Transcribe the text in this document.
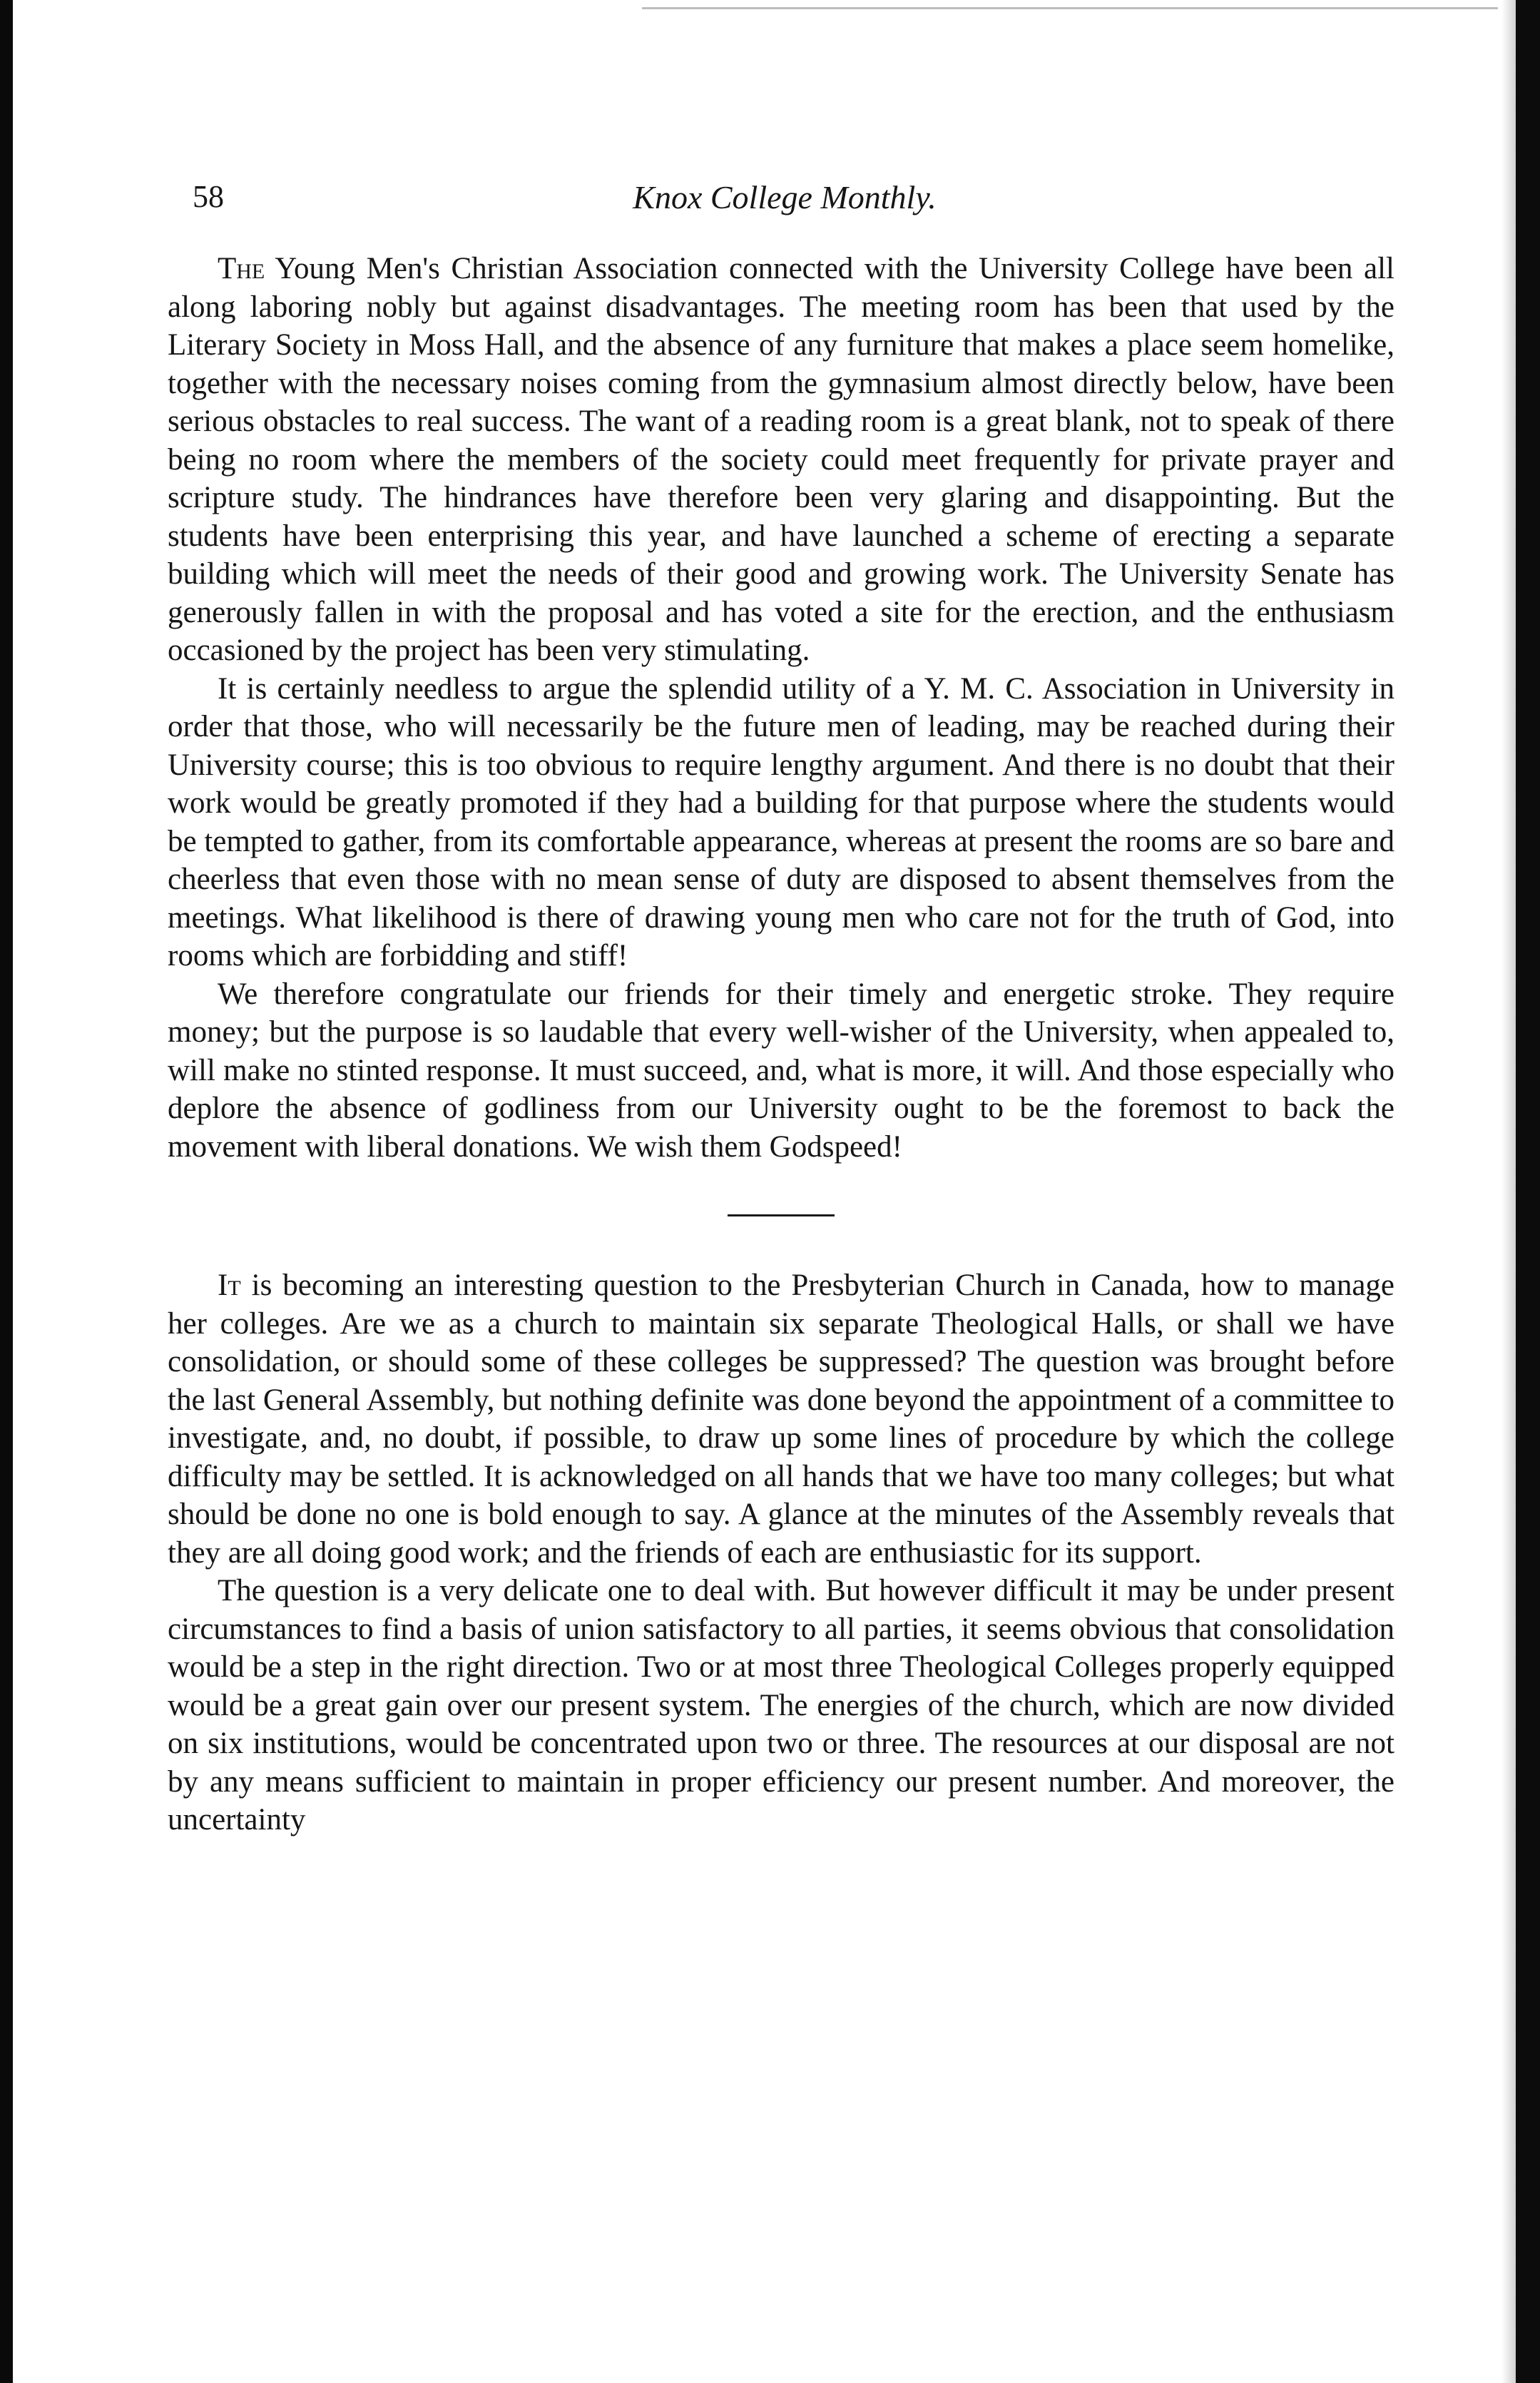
58	Knox College Monthly.

The Young Men's Christian Association connected with the University College have been all along laboring nobly but against disadvantages. The meeting room has been that used by the Literary Society in Moss Hall, and the absence of any furniture that makes a place seem homelike, together with the necessary noises coming from the gymnasium almost directly below, have been serious obstacles to real success. The want of a reading room is a great blank, not to speak of there being no room where the members of the society could meet frequently for private prayer and scripture study. The hindrances have therefore been very glaring and disappointing. But the students have been enterprising this year, and have launched a scheme of erecting a separate building which will meet the needs of their good and growing work. The University Senate has generously fallen in with the proposal and has voted a site for the erection, and the enthusiasm occasioned by the project has been very stimulating.

It is certainly needless to argue the splendid utility of a Y. M. C. Association in University in order that those, who will necessarily be the future men of leading, may be reached during their University course; this is too obvious to require lengthy argument. And there is no doubt that their work would be greatly promoted if they had a building for that purpose where the students would be tempted to gather, from its comfortable appearance, whereas at present the rooms are so bare and cheerless that even those with no mean sense of duty are disposed to absent themselves from the meetings. What likelihood is there of drawing young men who care not for the truth of God, into rooms which are forbidding and stiff!

We therefore congratulate our friends for their timely and energetic stroke. They require money; but the purpose is so laudable that every well-wisher of the University, when appealed to, will make no stinted response. It must succeed, and, what is more, it will. And those especially who deplore the absence of godliness from our University ought to be the foremost to back the movement with liberal donations. We wish them Godspeed!

It is becoming an interesting question to the Presbyterian Church in Canada, how to manage her colleges. Are we as a church to maintain six separate Theological Halls, or shall we have consolidation, or should some of these colleges be suppressed? The question was brought before the last General Assembly, but nothing definite was done beyond the appointment of a committee to investigate, and, no doubt, if possible, to draw up some lines of procedure by which the college difficulty may be settled. It is acknowledged on all hands that we have too many colleges; but what should be done no one is bold enough to say. A glance at the minutes of the Assembly reveals that they are all doing good work; and the friends of each are enthusiastic for its support.

The question is a very delicate one to deal with. But however difficult it may be under present circumstances to find a basis of union satisfactory to all parties, it seems obvious that consolidation would be a step in the right direction. Two or at most three Theological Colleges properly equipped would be a great gain over our present system. The energies of the church, which are now divided on six institutions, would be concentrated upon two or three. The resources at our disposal are not by any means sufficient to maintain in proper efficiency our present number. And moreover, the uncertainty
